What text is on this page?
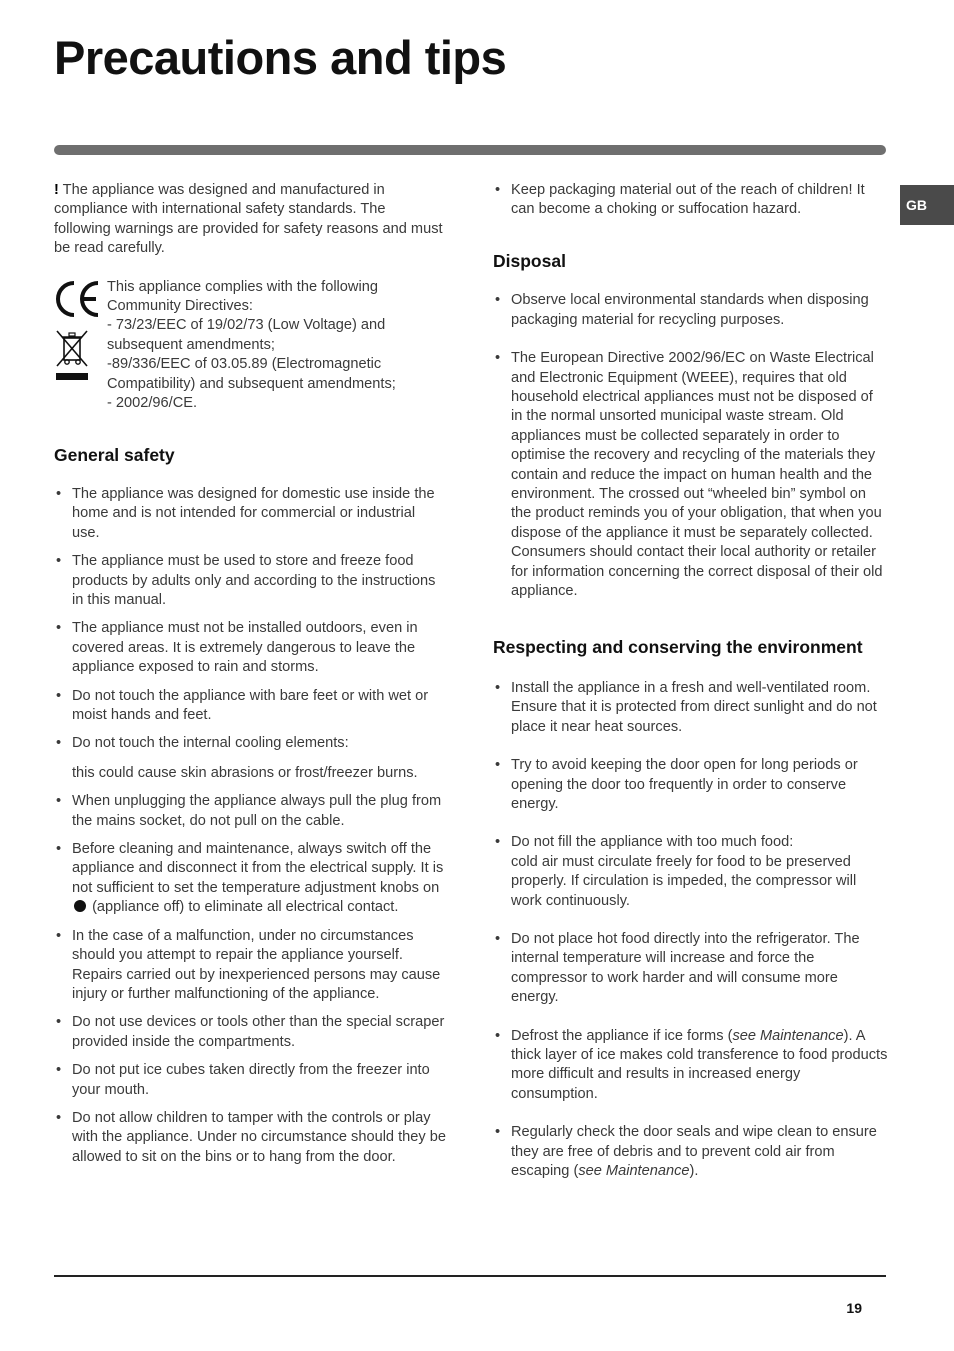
Precautions and tips
GB

! The appliance was designed and manufactured in compliance with international safety standards. The following warnings are provided for safety reasons and must be read carefully.

This appliance complies with the following Community Directives:

- 73/23/EEC of 19/02/73 (Low Voltage) and subsequent amendments;

-89/336/EEC of 03.05.89 (Electromagnetic Compatibility) and subsequent amendments;

- 2002/96/CE.

General safety
• The appliance was designed for domestic use inside the home and is not intended for commercial or industrial use.
• The appliance must be used to store and freeze food products by adults only and according to the instructions in this manual.
• The appliance must not be installed outdoors, even in covered areas. It is extremely dangerous to leave the appliance exposed to rain and storms.
• Do not touch the appliance with bare feet or with wet or moist hands and feet.
• Do not touch the internal cooling elements:

this could cause skin abrasions or frost/freezer burns.

• When unplugging the appliance always pull the plug from the mains socket, do not pull on the cable.
• Before cleaning and maintenance, always switch off the appliance and disconnect it from the electrical supply. It is not sufficient to set the temperature adjustment knobs on  (appliance off) to eliminate all electrical contact.
• In the case of a malfunction, under no circumstances should you attempt to repair the appliance yourself. Repairs carried out by inexperienced persons may cause injury or further malfunctioning of the appliance.
• Do not use devices or tools other than the special scraper provided inside the compartments.
• Do not put ice cubes taken directly from the freezer into your mouth.
• Do not allow children to tamper with the controls or play with the appliance. Under no circumstance should they be allowed to sit on the bins or to hang from the door.
• Keep packaging material out of the reach of children! It can become a choking or suffocation hazard.
Disposal
• Observe local environmental standards when disposing packaging material for recycling purposes.
• The European Directive 2002/96/EC on Waste Electrical and Electronic Equipment (WEEE), requires that old household electrical appliances must not be disposed of in the normal unsorted municipal waste stream. Old appliances must be collected separately in order to optimise the recovery and recycling of the materials they contain and reduce the impact on human health and the environment. The crossed out “wheeled bin” symbol on the product reminds you of your obligation, that when you dispose of the appliance it must be separately collected.
Consumers should contact their local authority or retailer for information concerning the correct disposal of their old appliance.
Respecting and conserving the environment
• Install the appliance in a fresh and well-ventilated room. Ensure that it is protected from direct sunlight and do not place it near heat sources.
• Try to avoid keeping the door open for long periods or opening the door too frequently in order to conserve energy.
• Do not fill the appliance with too much food:
cold air must circulate freely for food to be preserved properly. If circulation is impeded, the compressor will work continuously.
• Do not place hot food directly into the refrigerator. The internal temperature will increase and force the compressor to work harder and will consume more energy.
• Defrost the appliance if ice forms (see Maintenance). A thick layer of ice makes cold transference to food products more difficult and results in increased energy consumption.
• Regularly check the door seals and wipe clean to ensure they are free of debris and to prevent cold air from escaping (see Maintenance).
19
